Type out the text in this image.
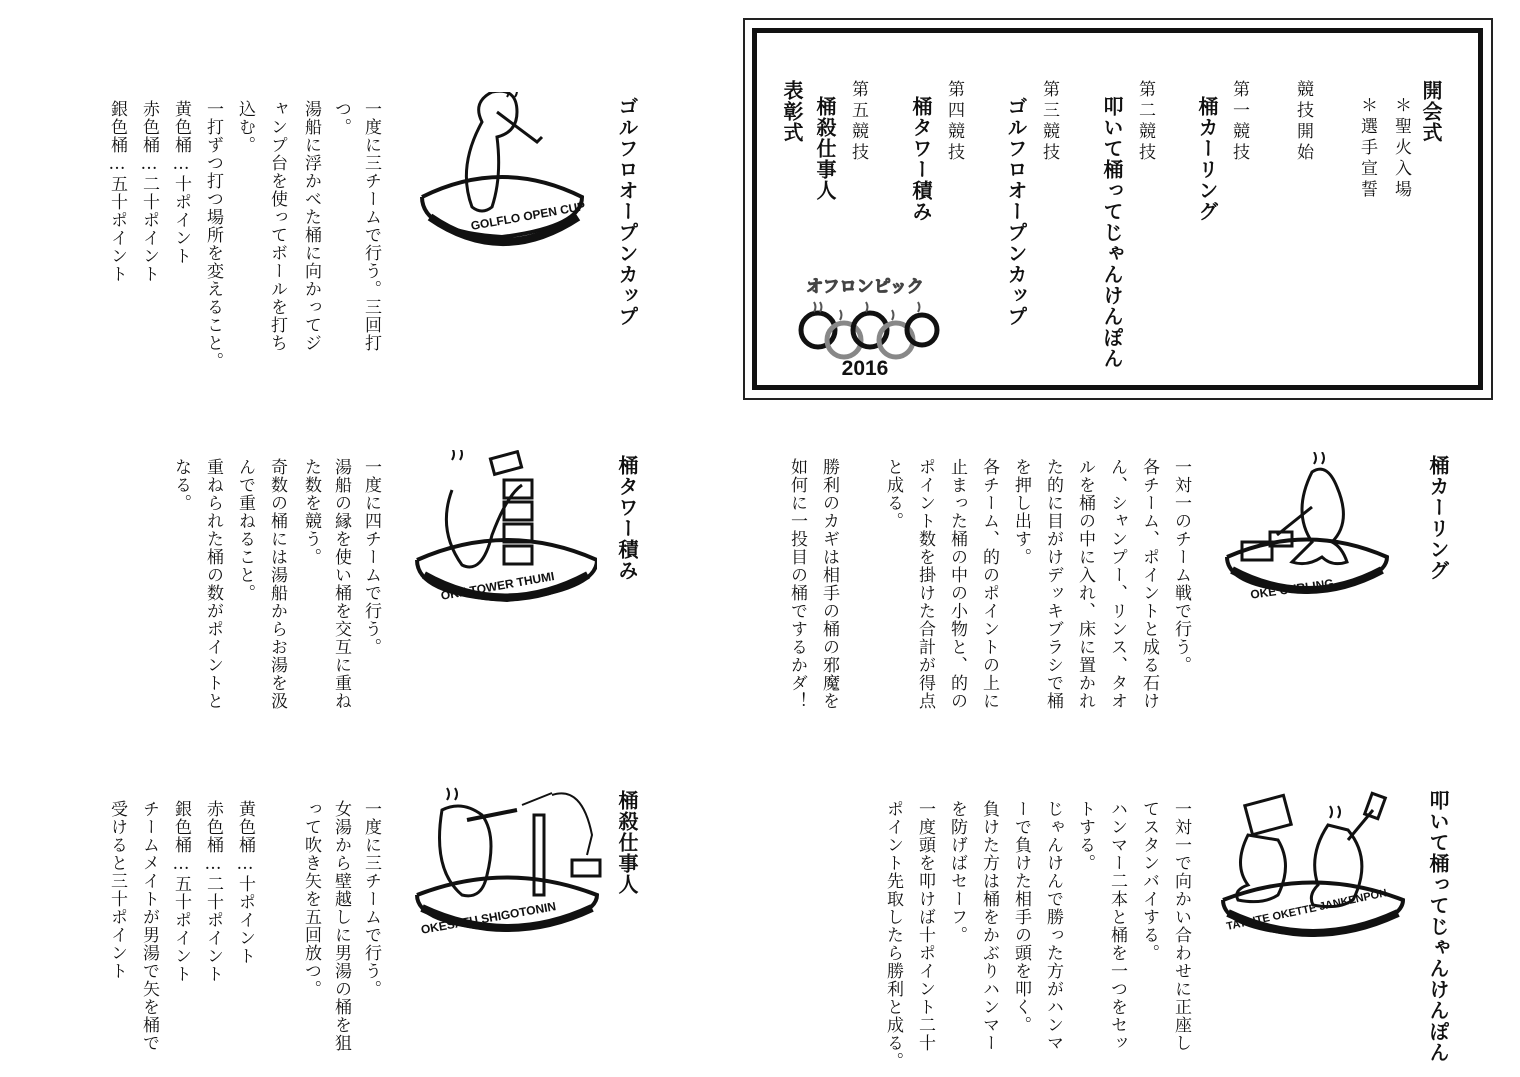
開会式
＊聖火入場
＊選手宣誓
競技開始
第一競技
桶カーリング
第二競技
叩いて桶ってじゃんけんぽん
第三競技
ゴルフロオープンカップ
第四競技
桶タワー積み
第五競技
桶殺仕事人
表彰式
オフロンピック
2016
ゴルフロオープンカップ
GOLFLO OPEN CUP
一度に三チームで行う。三回打
つ。
湯船に浮かべた桶に向かってジ
ャンプ台を使ってボールを打ち
込む。
一打ずつ打つ場所を変えること。
黄色桶…十ポイント
赤色桶…二十ポイント
銀色桶…五十ポイント
桶タワー積み
OKE TOWER THUMI
一度に四チームで行う。
湯船の縁を使い桶を交互に重ね
た数を競う。
奇数の桶には湯船からお湯を汲
んで重ねること。
重ねられた桶の数がポイントと
なる。
桶殺仕事人
OKESATU SHIGOTONIN
一度に三チームで行う。
女湯から壁越しに男湯の桶を狙
って吹き矢を五回放つ。
黄色桶…十ポイント
赤色桶…二十ポイント
銀色桶…五十ポイント
チームメイトが男湯で矢を桶で
受けると三十ポイント
桶カーリング
OKE CURLING
一対一のチーム戦で行う。
各チーム、ポイントと成る石け
ん、シャンプー、リンス、タオ
ルを桶の中に入れ、床に置かれ
た的に目がけデッキブラシで桶
を押し出す。
各チーム、的のポイントの上に
止まった桶の中の小物と、的の
ポイント数を掛けた合計が得点
と成る。
勝利のカギは相手の桶の邪魔を
如何に一投目の桶でするかダ！
叩いて桶ってじゃんけんぽん
TATAITE OKETTE JANKENPON
一対一で向かい合わせに正座し
てスタンバイする。
ハンマー二本と桶を一つをセッ
トする。
じゃんけんで勝った方がハンマ
ーで負けた相手の頭を叩く。
負けた方は桶をかぶりハンマー
を防げばセーフ。
一度頭を叩けば十ポイント二十
ポイント先取したら勝利と成る。
